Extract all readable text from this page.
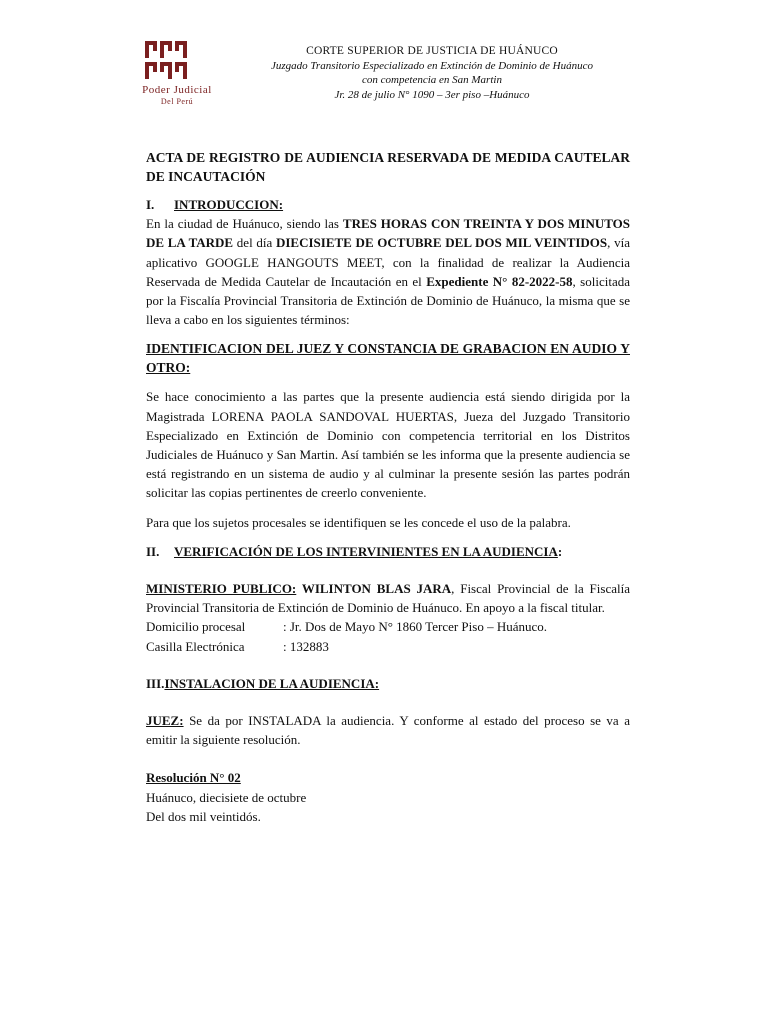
Poder Judicial
Del Perú
CORTE SUPERIOR DE JUSTICIA DE HUÁNUCO
Juzgado Transitorio Especializado en Extinción de Dominio de Huánuco
con competencia en San Martin
Jr. 28 de julio N° 1090 – 3er piso –Huánuco

ACTA DE REGISTRO DE AUDIENCIA RESERVADA DE MEDIDA CAUTELAR DE INCAUTACIÓN

I.	INTRODUCCION:

En la ciudad de Huánuco, siendo las TRES HORAS CON TREINTA Y DOS MINUTOS DE LA TARDE del día DIECISIETE DE OCTUBRE DEL DOS MIL VEINTIDOS, vía aplicativo GOOGLE HANGOUTS MEET, con la finalidad de realizar la Audiencia Reservada de Medida Cautelar de Incautación en el Expediente N° 82-2022-58, solicitada por la Fiscalía Provincial Transitoria de Extinción de Dominio de Huánuco, la misma que se lleva a cabo en los siguientes términos:

IDENTIFICACION DEL JUEZ Y CONSTANCIA DE GRABACION EN AUDIO Y OTRO:

Se hace conocimiento a las partes que la presente audiencia está siendo dirigida por la Magistrada LORENA PAOLA SANDOVAL HUERTAS, Jueza del Juzgado Transitorio Especializado en Extinción de Dominio con competencia territorial en los Distritos Judiciales de Huánuco y San Martin. Así también se les informa que la presente audiencia se está registrando en un sistema de audio y al culminar la presente sesión las partes podrán solicitar las copias pertinentes de creerlo conveniente.

Para que los sujetos procesales se identifiquen se les concede el uso de la palabra.

II.	VERIFICACIÓN DE LOS INTERVINIENTES EN LA AUDIENCIA:

MINISTERIO PUBLICO: WILINTON BLAS JARA, Fiscal Provincial de la Fiscalía Provincial Transitoria de Extinción de Dominio de Huánuco. En apoyo a la fiscal titular.

Domicilio procesal	: Jr. Dos de Mayo N° 1860 Tercer Piso – Huánuco.
Casilla Electrónica	: 132883

III.INSTALACION DE LA AUDIENCIA:

JUEZ: Se da por INSTALADA la audiencia. Y conforme al estado del proceso se va a emitir la siguiente resolución.

Resolución N° 02

Huánuco, diecisiete de octubre

Del dos mil veintidós.
